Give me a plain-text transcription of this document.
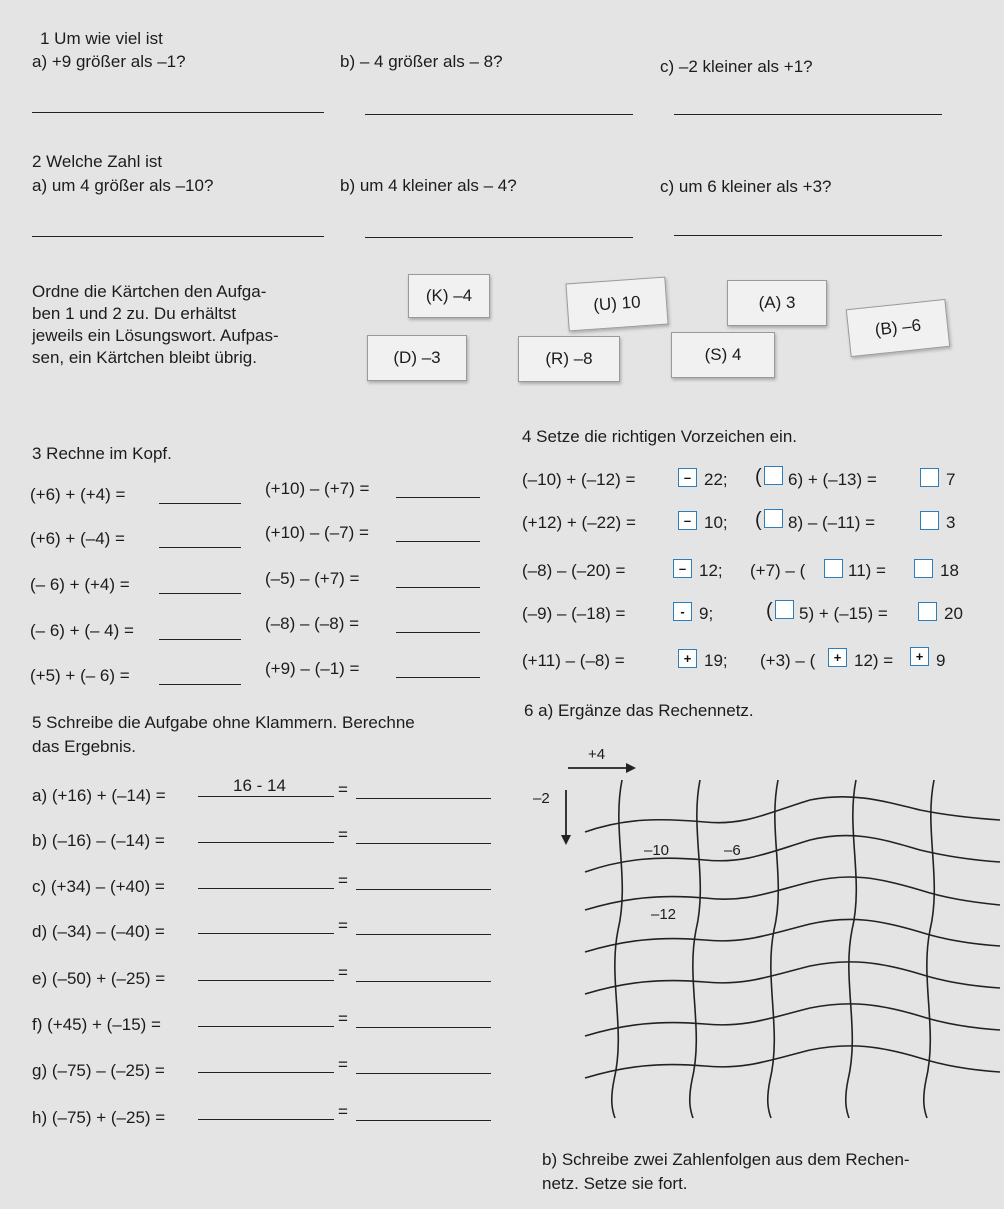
1 Um wie viel ist
a) +9 größer als –1?	b) – 4 größer als – 8?	c) –2 kleiner als +1?
2 Welche Zahl ist
a) um 4 größer als –10?	b) um 4 kleiner als – 4?	c) um 6 kleiner als +3?
Ordne die Kärtchen den Aufga-
ben 1 und 2 zu. Du erhältst
jeweils ein Lösungswort. Aufpas-
sen, ein Kärtchen bleibt übrig.
(K) –4	(U) 10	(A) 3
(B) –6
(D) –3	(R) –8	(S) 4
3 Rechne im Kopf.
(+6) + (+4) =
(+6) + (–4) =
(– 6) + (+4) =
(– 6) + (– 4) =
(+5) + (– 6) =
(+10) – (+7) =
(+10) – (–7) =
(–5) – (+7) =
(–8) – (–8) =
(+9) – (–1) =
4 Setze die richtigen Vorzeichen ein.
(–10) + (–12) =	– 22; ( 6) + (–13) =	7
(+12) + (–22) =	– 10; ( 8) – (–11) =	3
(–8) – (–20) =	– 12; (+7) – (	11) =	18
(–9) – (–18) =	- 9;	( 5) + (–15) =	20
(+11) – (–8) =	+ 19; (+3) – (	+ 12) =	+ 9
5 Schreibe die Aufgabe ohne Klammern. Berechne
das Ergebnis.
a) (+16) + (–14) =
16 - 14
b) (–16) – (–14) =
c) (+34) – (+40) =
d) (–34) – (–40) =
e) (–50) + (–25) =
f) (+45) + (–15) =
g) (–75) – (–25) =
h) (–75) + (–25) =
=
=
=
=
=
=
=
=
6 a) Ergänze das Rechennetz.
+4
–2
–10	–6
–12
b) Schreibe zwei Zahlenfolgen aus dem Rechen-
netz. Setze sie fort.
